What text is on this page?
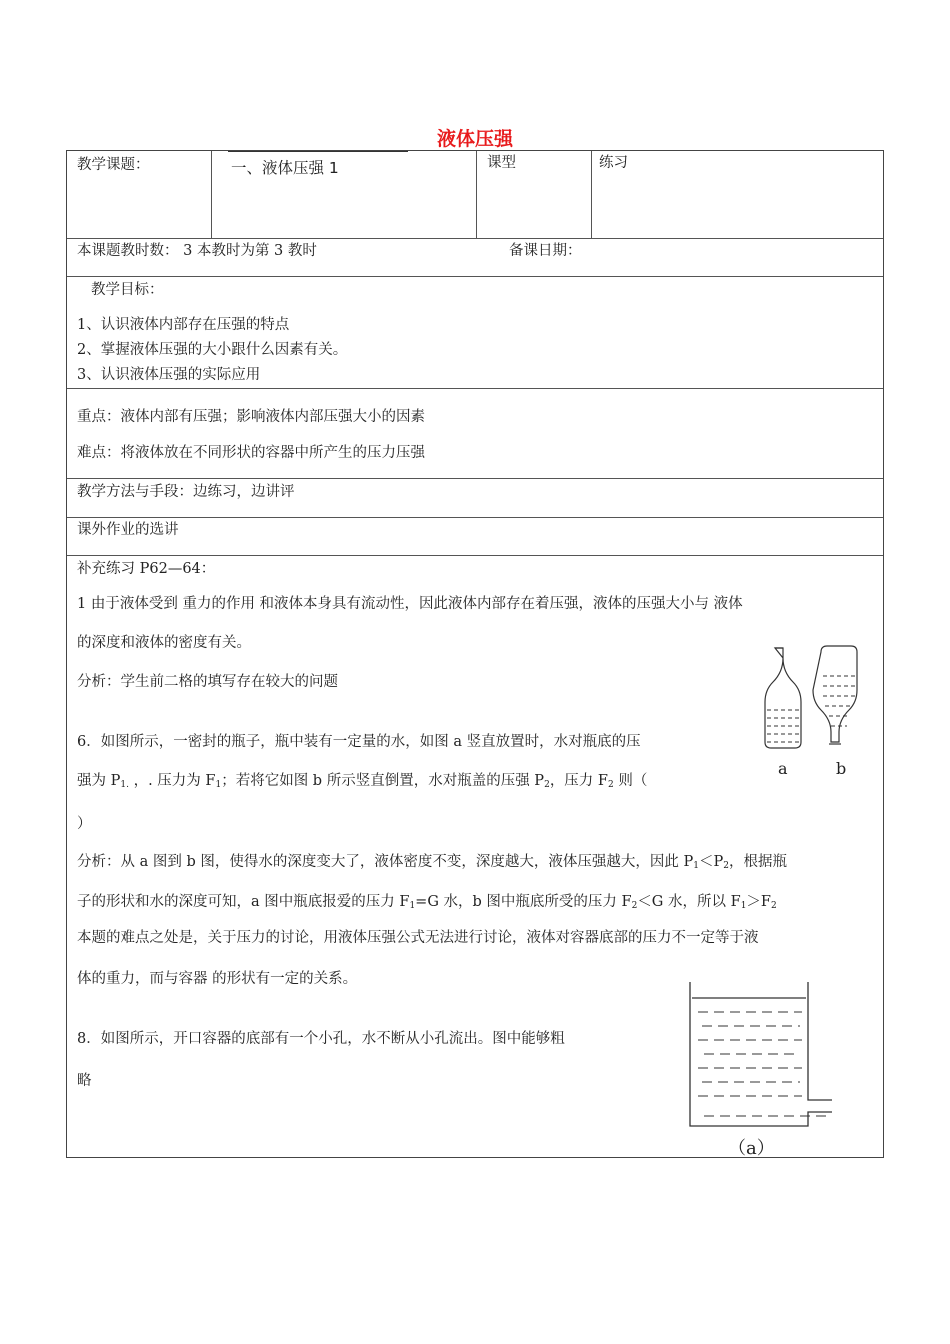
液体压强
教学课题：	一、液体压强 1	课型	练习
本课题教时数： 3 本教时为第 3 教时	备课日期：
教学目标：
1、认识液体内部存在压强的特点
2、掌握液体压强的大小跟什么因素有关。
3、认识液体压强的实际应用
重点：液体内部有压强；影响液体内部压强大小的因素
难点：将液体放在不同形状的容器中所产生的压力压强
教学方法与手段：边练习，边讲评
课外作业的选讲
补充练习 P62—64：
1 由于液体受到 重力的作用 和液体本身具有流动性，因此液体内部存在着压强，液体的压强大小与 液体
的深度和液体的密度有关。
分析：学生前二格的填写存在较大的问题
6．如图所示，一密封的瓶子，瓶中装有一定量的水，如图 a 竖直放置时，水对瓶底的压
强为 $P_{1.}$ ，. 压力为 $F_1$；若将它如图 b 所示竖直倒置，水对瓶盖的压强 $P_2$，压力 $F_2$ 则（
）
分析：从 a 图到 b 图，使得水的深度变大了，液体密度不变，深度越大，液体压强越大，因此 $P_1<P_2$，根据瓶
子的形状和水的深度可知，a 图中瓶底报爱的压力 $F_1=G$ 水，b 图中瓶底所受的压力 $F_2<G$ 水，所以 $F_1>F_2$
本题的难点之处是，关于压力的讨论，用液体压强公式无法进行讨论，液体对容器底部的压力不一定等于液
体的重力，而与容器 的形状有一定的关系。
8．如图所示，开口容器的底部有一个小孔，水不断从小孔流出。图中能够粗
略
a	b
（a）
